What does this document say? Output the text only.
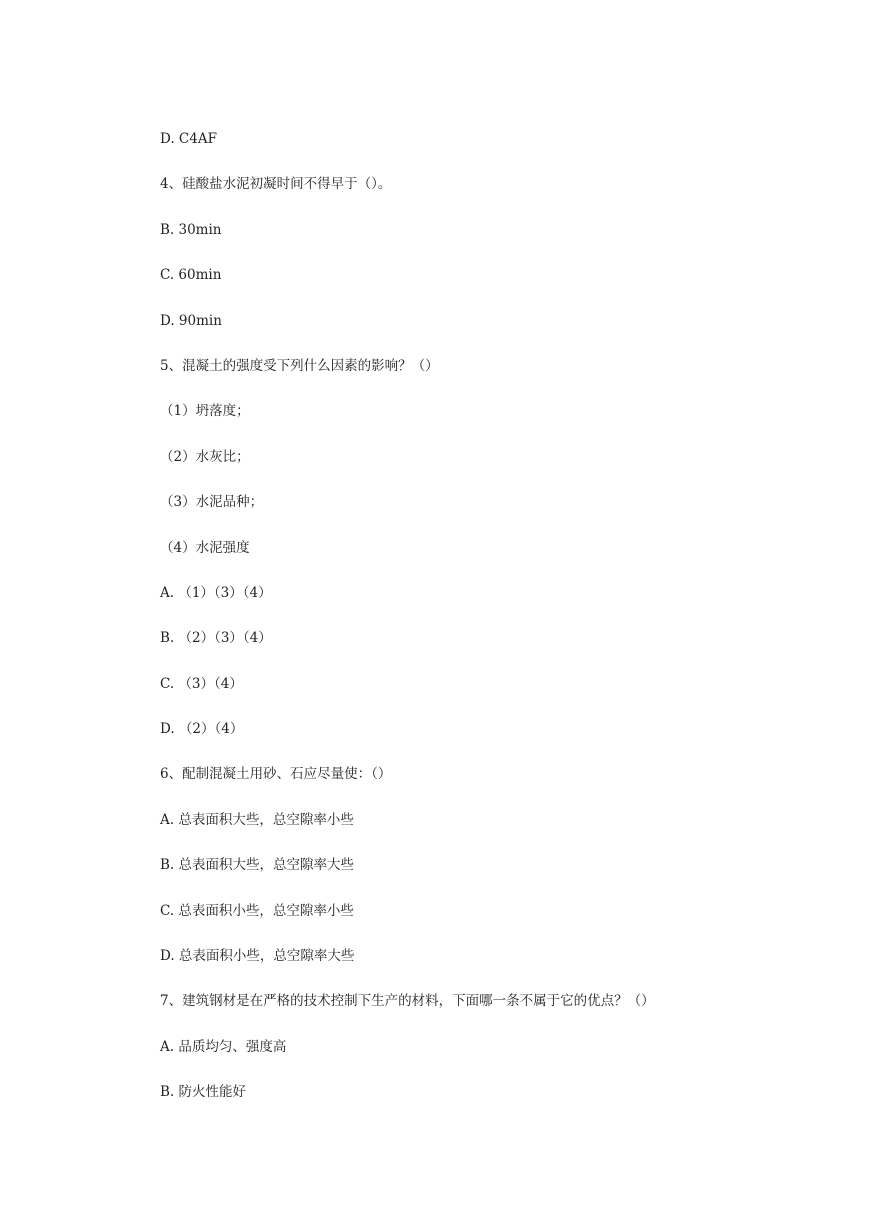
D. C4AF
4、硅酸盐水泥初凝时间不得早于（）。
B. 30min
C. 60min
D. 90min
5、混凝土的强度受下列什么因素的影响？（）
（1）坍落度；
（2）水灰比；
（3）水泥品种；
（4）水泥强度
A. （1）（3）（4）
B. （2）（3）（4）
C. （3）（4）
D. （2）（4）
6、配制混凝土用砂、石应尽量使：（）
A. 总表面积大些，总空隙率小些
B. 总表面积大些，总空隙率大些
C. 总表面积小些，总空隙率小些
D. 总表面积小些，总空隙率大些
7、建筑钢材是在严格的技术控制下生产的材料，下面哪一条不属于它的优点？（）
A. 品质均匀、强度高
B. 防火性能好
